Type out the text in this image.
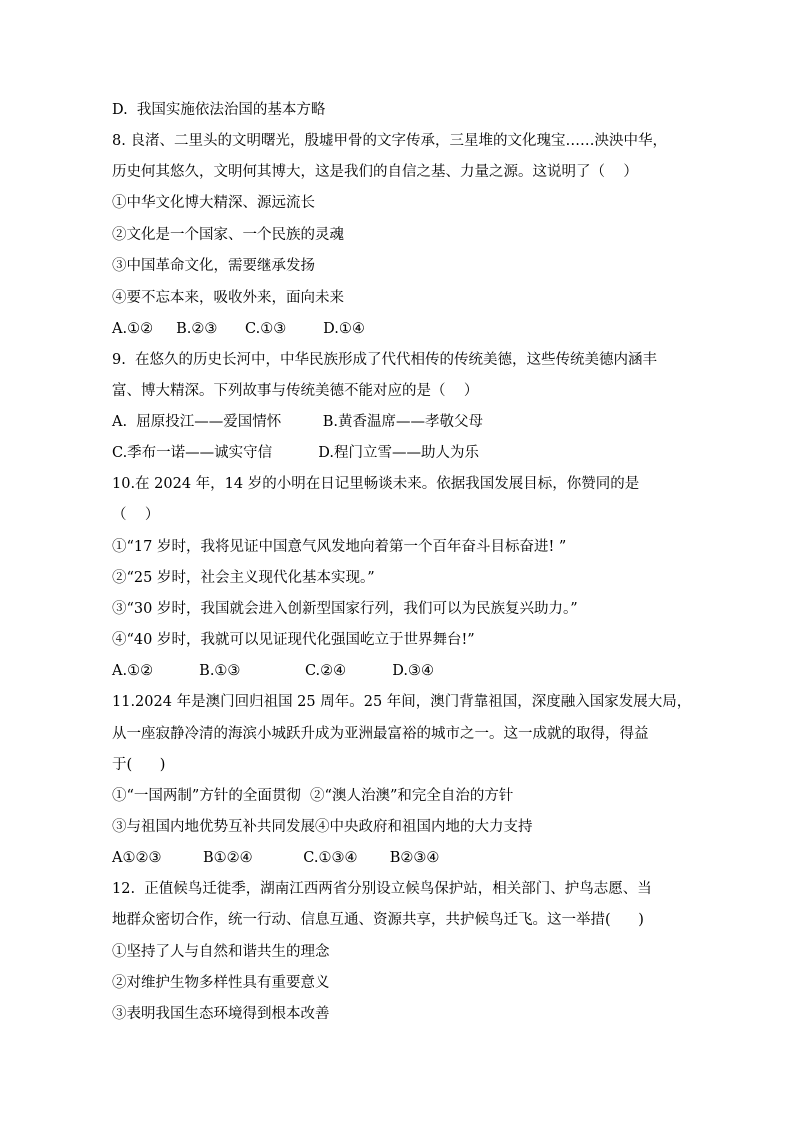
D.  我国实施依法治国的基本方略
8. 良渚、二里头的文明曙光，殷墟甲骨的文字传承，三星堆的文化瑰宝……泱泱中华，
历史何其悠久，文明何其博大，这是我们的自信之基、力量之源。这说明了（    ）
①中华文化博大精深、源远流长
②文化是一个国家、一个民族的灵魂
③中国革命文化，需要继承发扬
④要不忘本来，吸收外来，面向未来
A.①②     B.②③      C.①③        D.①④
9.  在悠久的历史长河中，中华民族形成了代代相传的传统美德，这些传统美德内涵丰
富、博大精深。下列故事与传统美德不能对应的是（    ）
A.  屈原投江——爱国情怀         B.黄香温席——孝敬父母
C.季布一诺——诚实守信          D.程门立雪——助人为乐
10.在 2024 年，14 岁的小明在日记里畅谈未来。依据我国发展目标，你赞同的是
（    ）
①“17 岁时，我将见证中国意气风发地向着第一个百年奋斗目标奋进! ”
②“25 岁时，社会主义现代化基本实现。”
③“30 岁时，我国就会进入创新型国家行列，我们可以为民族复兴助力。”
④“40 岁时，我就可以见证现代化强国屹立于世界舞台!”
A.①②          B.①③              C.②④          D.③④
11.2024 年是澳门回归祖国 25 周年。25 年间，澳门背靠祖国，深度融入国家发展大局，
从一座寂静冷清的海滨小城跃升成为亚洲最富裕的城市之一。这一成就的取得，得益
于(      )
①“一国两制”方针的全面贯彻  ②“澳人治澳”和完全自治的方针
③与祖国内地优势互补共同发展④中央政府和祖国内地的大力支持
A①②③         B①②④           C.①③④       B②③④
12.  正值候鸟迁徙季，湖南江西两省分别设立候鸟保护站，相关部门、护鸟志愿、当
地群众密切合作，统一行动、信息互通、资源共享，共护候鸟迁飞。这一举措(      )
①坚持了人与自然和谐共生的理念
②对维护生物多样性具有重要意义
③表明我国生态环境得到根本改善
